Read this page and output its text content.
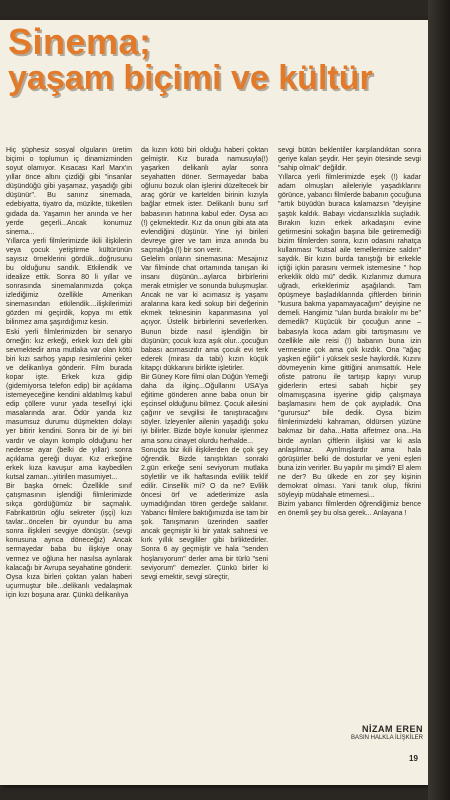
Sinema;
yaşam biçimi ve kültür

Hiç şüphesiz sosyal olguların üretim biçimi o toplumun iç dinamizminden soyut olamıyor. Kısacası Karl Marx'ın yıllar önce altını çizdiği gibi "insanlar düşündüğü gibi yaşamaz, yaşadığı gibi düşünür". Bu sanırız sinemada, edebiyatta, tiyatro da, müzikte, tüketilen gıdada da. Yaşamın her anında ve her yerde geçerli...Ancak konumuz sinema...

Yıllarca yerli filmlerimizde ikili ilişkilerin veya çocuk yetiştirme kültürünün sayısız örneklerini gördük...doğrusunu bu olduğunu sandık. Etkilendik ve idealize ettik. Sonra 80 li yıllar ve sonrasında sinemalarımızda çokça izlediğimiz özellikle Amerikan sinemasından etkilendik....ilişkilerimizi gözden mi geçirdik, kopya mı ettik bilinmez ama şaşırdığımız kesin.

Eski yerli filmlerimizden bir senaryo örneğin: kız erkeği, erkek kızı deli gibi sevmektedir ama mutlaka var olan kötü biri kızı sarhoş yapıp resimlerini çeker ve delikanlıya gönderir. Film burada kopar işte. Erkek kıza gidip (gidemiyorsa telefon edip) bir açıklama istemeyeceğine kendini aldatılmış kabul edip çöllere vurur yada tesellıyi içki masalarında arar. Ödür yanda kız masumsuz durumu düşmekten dolayı yer bitirir kendini. Sonra bir de iyi biri vardır ve olayın komplo olduğunu her nedense ayar (belki de yıllar) sonra açıklama gereği duyar. Kız erkeğine erkek kıza kavuşur ama kaybedilen kutsal zaman...yitirilen masumiyet...

Bir başka örnek: Özellikle sınıf çatışmasının işlendiği filmlerimizde sıkça gördüğümüz bir saçmalık. Fabrikatörün oğlu sekreter (işçi) kızı tavlar...öncelen bir oyundur bu ama sonra ilişkileri sevgiye dönüşür. (sevgi konusuna ayrıca döneceğiz) Ancak sermayedar baba bu ilişkiye onay vermez ve oğluna her nasılsa ayrılarak kalacağı bir Avrupa seyahatine gönderir. Oysa kıza birleri çoktan yalan haberi uçurmuştur bile...delikanlı vedalaşmak için kızı boşuna arar. Çünkü delikanlıya

da kızın kötü biri olduğu haberi çoktan gelmiştir. Kız burada namusuyla(!) yaşarken delikanlı aylar sonra seyahatten döner. Sermayedar baba oğlunu bozuk olan işlerini düzeltecek bir araç görür ve kartelden birinin kızıyla bağlar etmek ister. Delikanlı bunu sırf babasının hatırına kabul eder. Oysa acı (!) çekmektedir. Kız da onun gibi ata ata evlendiğini düşünür. Yine iyi birileri devreye girer ve tam imza anında bu saçmalığa (!) bir son verir.

Gelelim onların sinemasına: Mesajınız Var filminde chat ortamında tanışan iki insanı düşünün...aylarca birbirlerini merak etmişler ve sonunda buluşmuşlar. Ancak ne var ki acımasız iş yaşamı aralarına kara kedi sokup biri değerinin ekmek teknesinin kapanmasına yol açıyor. Üstelik birbirlerini severlerken. Bunun bizde nasıl işlendiğin bir düşünün; çocuk kıza aşık olur...çocuğun babası acımasızdır ama çocuk evi terk ederek (mirası da tabi) kızın küçük kitapçı dükkanını birlikte işletirler.

Bir Güney Kore filmi olan Düğün Yemeği daha da ilginç...Oğullarını USA'ya eğitime gönderen anne baba onun bir eşcinsel olduğunu bilmez. Çocuk ailesini çağırır ve sevgilisi ile tanıştıracağını söyler. İzleyenler ailenin yaşadığı şoku iyi bilirler. Bizde böyle konular işlenmez ama sonu cinayet olurdu herhalde...

Sonuçta biz ikili ilişkilerden de çok şey öğrendik. Bizde tanıştıktan sonraki 2.gün erkeğe seni seviyorum mutlaka söyletilir ve ilk haftasında evlilik teklif edilir. Cinsellik mi? O da ne? Evlilik öncesi örf ve adetlerimize asla uymadığından tören gerdeğe saklanır. Yabancı filmlere baktığımızda ise tam bir şok. Tanışmanın üzerinden saatler ancak geçmiştir ki bir yatak sahnesi ve kırk yıllık sevgililer gibi birliktedirler. Sonra 6 ay geçmiştir ve hala "senden hoşlanıyorum" derler ama bir türlü "seni seviyorum" demezler. Çünkü birler ki sevgi emektir, sevgi süreçtir,

sevgi bütün beklentiler karşılandıktan sonra geriye kalan şeydir. Her şeyin ötesinde sevgi "sahip olmak" değildir.

Yıllarca yerli filmlerimizde eşek (!) kadar adam olmuşları aileleriyle yaşadıklarını görünce, yabancı filmlerde babanın çocuğuna "artık büyüdün buraca kalamazsın "deyişine şaştık kaldık. Babayı vicdansızlıkla suçladık. Bırakın kızın erkek arkadaşını evine getirmesini sokağın başına bile getiremediği bizim filmlerden sonra, kızın odasını rahatça kullanması "kutsal aile temellerimize saldırı" saydık. Bir kızın burda tanıştığı bir erkekle içtiği içkin parasını vermek istemesine " hop erkeklik öldü mü" dedik. Kızlarımız dumura uğradı, erkeklerimiz aşağılandı. Tam öpüşmeye başladıklarında çiftlerden birinin "kusura bakma yapamayacağım" deyişine ne demeli. Hangimiz "ulan burda bırakılır mı be" demedik? Küçücük bir çocuğun anne – babasıyla koca adam gibi tartışmasını ve özellikle aile reisi (!) babanın buna izin vermesine çok ama çok kızdık. Ona "ağaç yaşken eğilir" i yüksek sesle haykırdık. Kızını dövmeyenin kime gittiğini anımsattık. Hele ofiste patronu ile tartışıp kapıyı vurup giderlerin ertesi sabah hiçbir şey olmamışçasına işyerine gidip çalışmaya başlamasını hem de çok ayıpladık. Ona "gurursuz" bile dedik. Oysa bizim filmlerimizdeki kahraman, öldürsen yüzüne bakmaz bir daha...Hatta affetmez ona...Ha birde ayrılan çiftlerin ilişkisi var ki asla anlaşılmaz. Ayrılmışlardır ama hala görüşürler belki de dosturlar ve yeni eşleri buna izin verirler. Bu yapılır mı şimdi? El alem ne der? Bu ülkede en zor şey kişinin demokrat olması. Yani tanık olup, fikrini söyleyip müdahale etmemesi...

Bizim yabancı filmlerden öğrendiğimiz bence en önemli şey bu olsa gerek... Anlayana !

NİZAM EREN
BASIN HALKLA İLİŞKİLER
19
